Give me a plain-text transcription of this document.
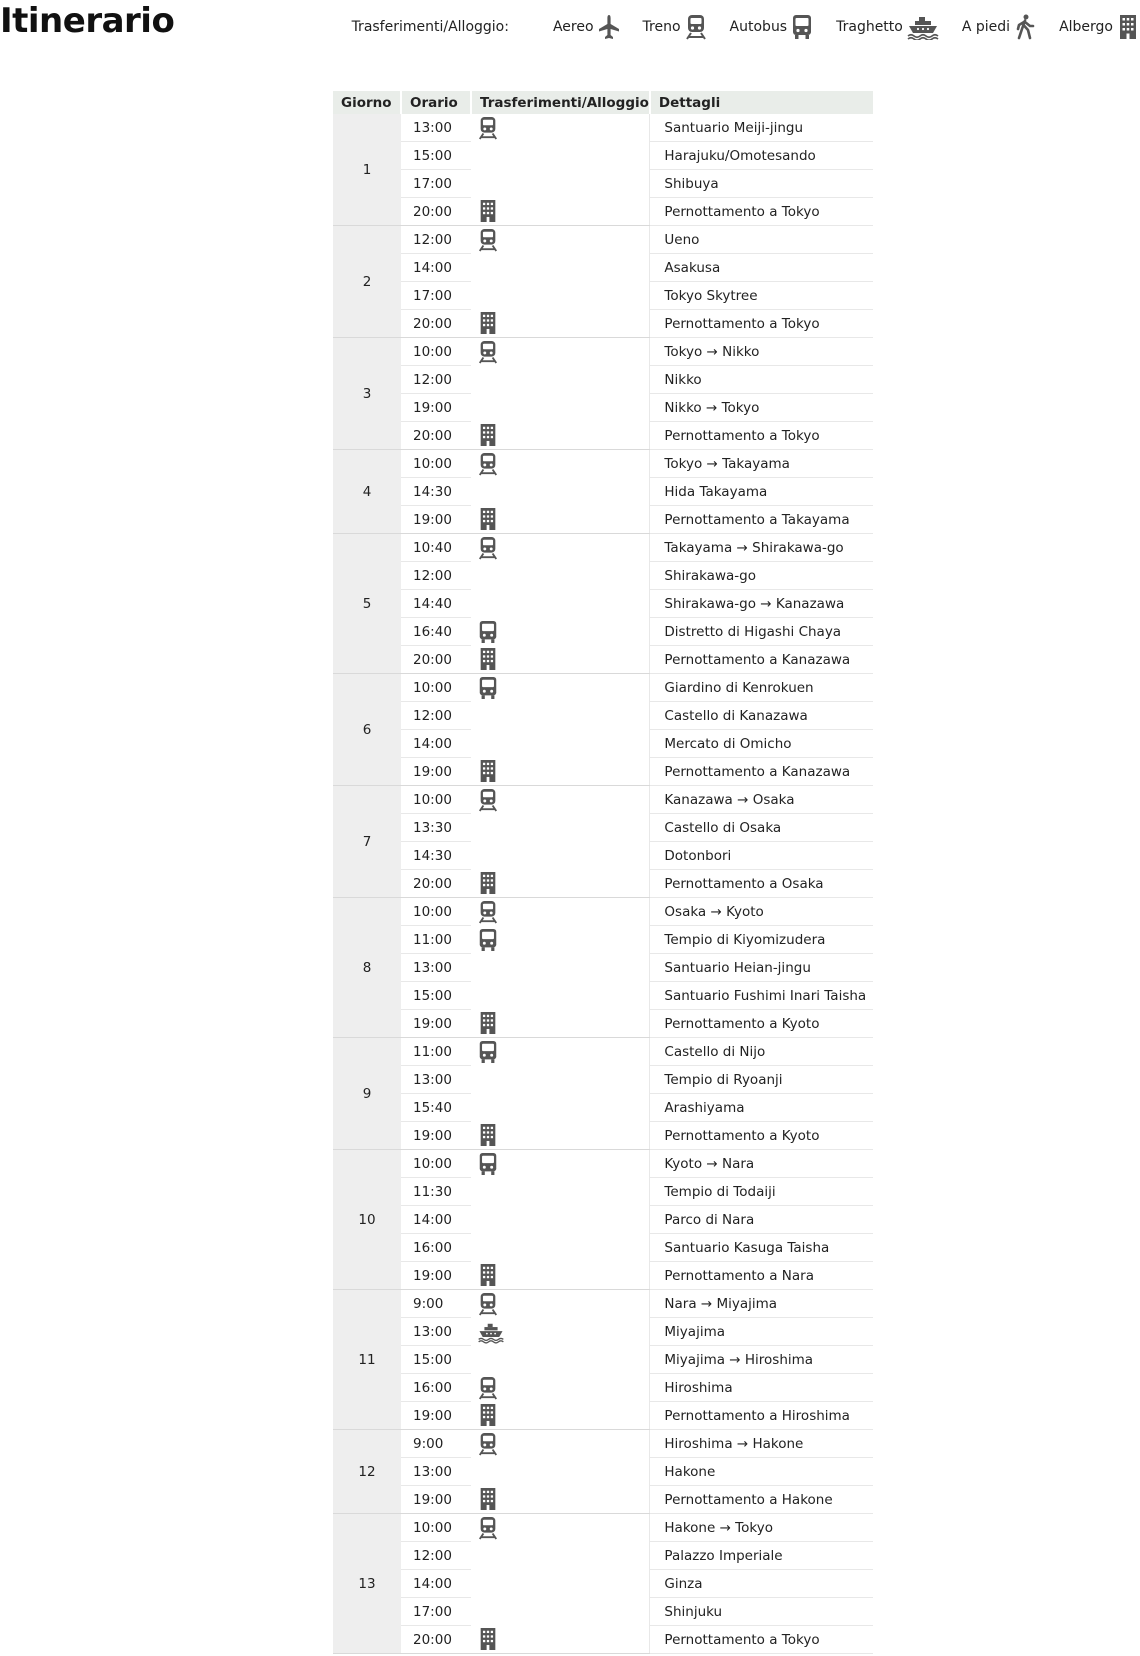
Itinerario	Trasferimenti/Alloggio:	Aereo	Treno	Autobus	Traghetto	A piedi	Albergo
Giorno	Orario	Trasferimenti/Alloggio	Dettagli
1	13:00		Santuario Meiji-jingu
	15:00		Harajuku/Omotesando
	17:00		Shibuya
	20:00		Pernottamento a Tokyo
2	12:00		Ueno
	14:00		Asakusa
	17:00		Tokyo Skytree
	20:00		Pernottamento a Tokyo
3	10:00		Tokyo → Nikko
	12:00		Nikko
	19:00		Nikko → Tokyo
	20:00		Pernottamento a Tokyo
4	10:00		Tokyo → Takayama
	14:30		Hida Takayama
	19:00		Pernottamento a Takayama
5	10:40		Takayama → Shirakawa-go
	12:00		Shirakawa-go
	14:40		Shirakawa-go → Kanazawa
	16:40		Distretto di Higashi Chaya
	20:00		Pernottamento a Kanazawa
6	10:00		Giardino di Kenrokuen
	12:00		Castello di Kanazawa
	14:00		Mercato di Omicho
	19:00		Pernottamento a Kanazawa
7	10:00		Kanazawa → Osaka
	13:30		Castello di Osaka
	14:30		Dotonbori
	20:00		Pernottamento a Osaka
8	10:00		Osaka → Kyoto
	11:00		Tempio di Kiyomizudera
	13:00		Santuario Heian-jingu
	15:00		Santuario Fushimi Inari Taisha
	19:00		Pernottamento a Kyoto
9	11:00		Castello di Nijo
	13:00		Tempio di Ryoanji
	15:40		Arashiyama
	19:00		Pernottamento a Kyoto
10	10:00		Kyoto → Nara
	11:30		Tempio di Todaiji
	14:00		Parco di Nara
	16:00		Santuario Kasuga Taisha
	19:00		Pernottamento a Nara
11	9:00		Nara → Miyajima
	13:00		Miyajima
	15:00		Miyajima → Hiroshima
	16:00		Hiroshima
	19:00		Pernottamento a Hiroshima
12	9:00		Hiroshima → Hakone
	13:00		Hakone
	19:00		Pernottamento a Hakone
13	10:00		Hakone → Tokyo
	12:00		Palazzo Imperiale
	14:00		Ginza
	17:00		Shinjuku
	20:00		Pernottamento a Tokyo
